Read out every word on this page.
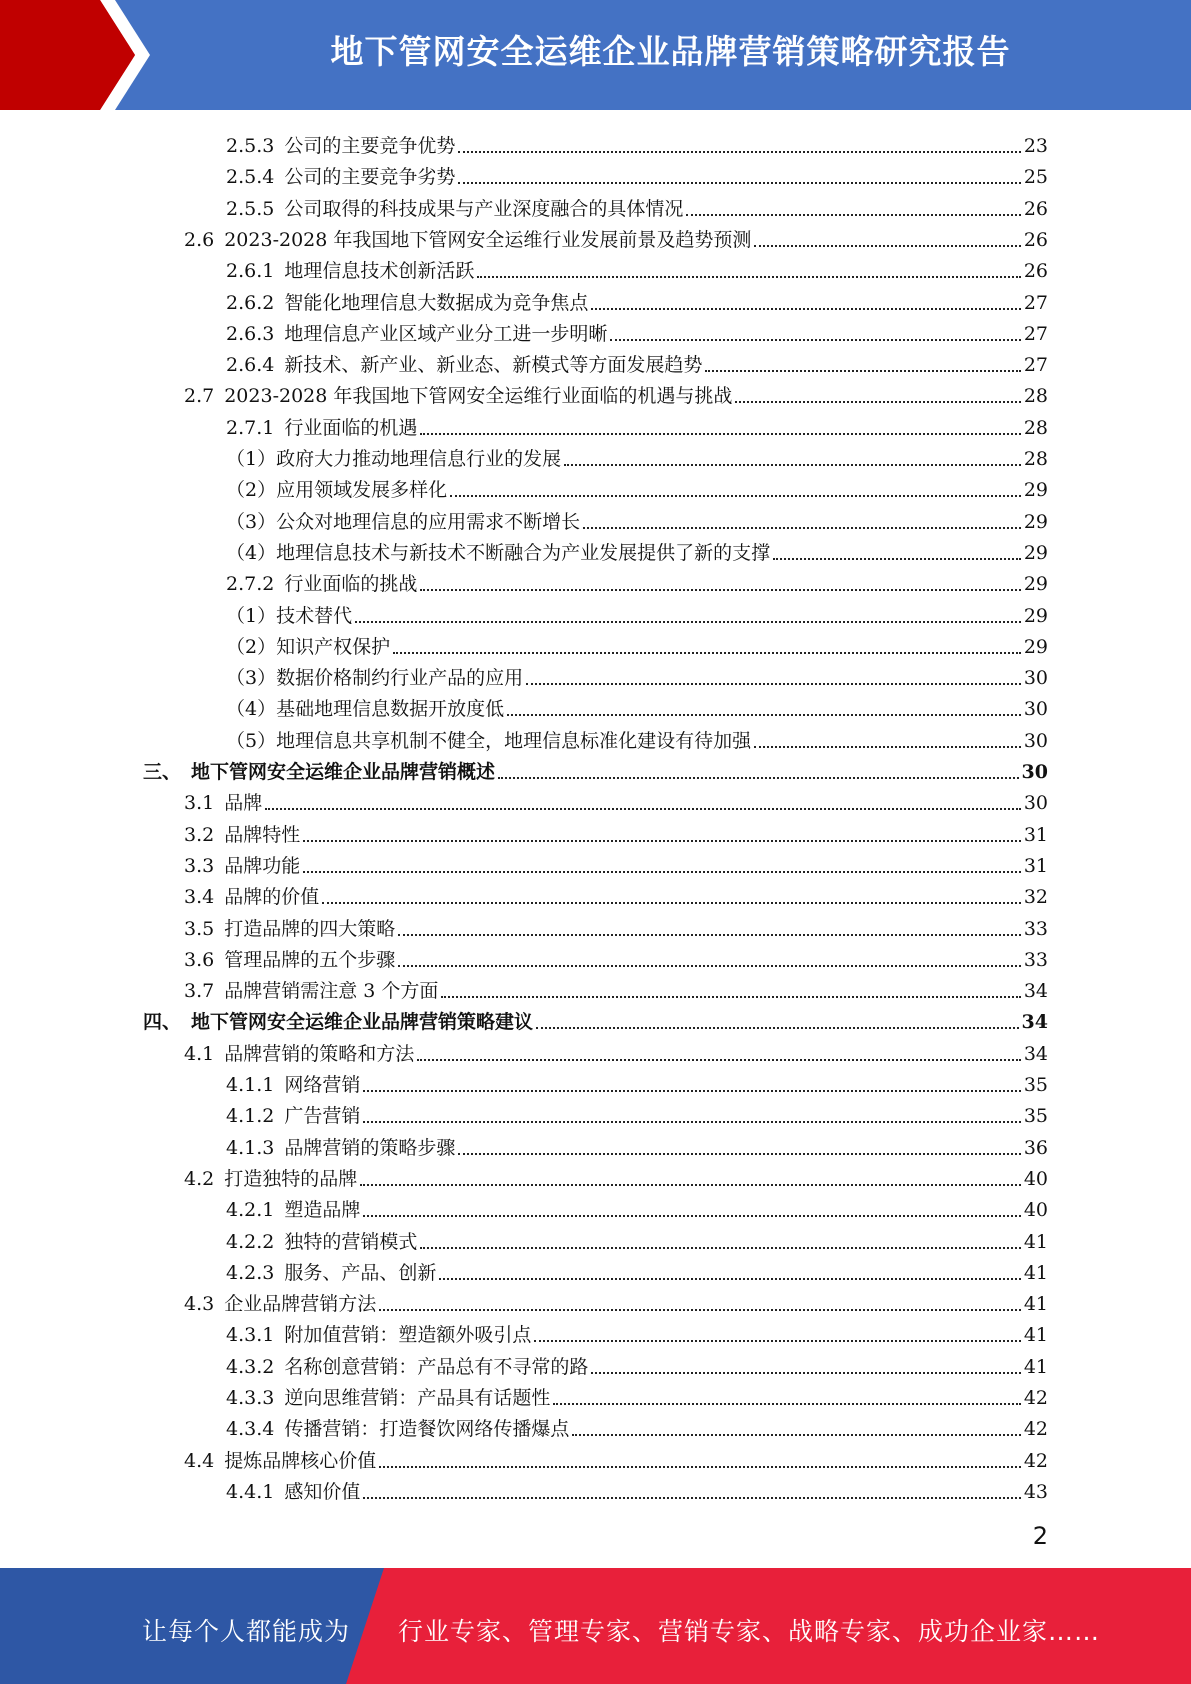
地下管网安全运维企业品牌营销策略研究报告
2.5.3 公司的主要竞争优势	23
2.5.4 公司的主要竞争劣势	25
2.5.5 公司取得的科技成果与产业深度融合的具体情况	26
2.6 2023-2028 年我国地下管网安全运维行业发展前景及趋势预测	26
2.6.1 地理信息技术创新活跃	26
2.6.2 智能化地理信息大数据成为竞争焦点	27
2.6.3 地理信息产业区域产业分工进一步明晰	27
2.6.4 新技术、新产业、新业态、新模式等方面发展趋势	27
2.7 2023-2028 年我国地下管网安全运维行业面临的机遇与挑战	28
2.7.1 行业面临的机遇	28
（1） 政府大力推动地理信息行业的发展	28
（2） 应用领域发展多样化	29
（3） 公众对地理信息的应用需求不断增长	29
（4） 地理信息技术与新技术不断融合为产业发展提供了新的支撑	29
2.7.2 行业面临的挑战	29
（1） 技术替代	29
（2） 知识产权保护	29
（3） 数据价格制约行业产品的应用	30
（4） 基础地理信息数据开放度低	30
（5） 地理信息共享机制不健全，地理信息标准化建设有待加强	30
三、 地下管网安全运维企业品牌营销概述	30
3.1 品牌	30
3.2 品牌特性	31
3.3 品牌功能	31
3.4 品牌的价值	32
3.5 打造品牌的四大策略	33
3.6 管理品牌的五个步骤	33
3.7 品牌营销需注意 3 个方面	34
四、 地下管网安全运维企业品牌营销策略建议	34
4.1 品牌营销的策略和方法	34
4.1.1 网络营销	35
4.1.2 广告营销	35
4.1.3 品牌营销的策略步骤	36
4.2 打造独特的品牌	40
4.2.1 塑造品牌	40
4.2.2 独特的营销模式	41
4.2.3 服务、产品、创新	41
4.3 企业品牌营销方法	41
4.3.1 附加值营销：塑造额外吸引点	41
4.3.2 名称创意营销：产品总有不寻常的路	41
4.3.3 逆向思维营销：产品具有话题性	42
4.3.4 传播营销：打造餐饮网络传播爆点	42
4.4 提炼品牌核心价值	42
4.4.1 感知价值	43
2
让每个人都能成为 行业专家、管理专家、营销专家、战略专家、成功企业家……
